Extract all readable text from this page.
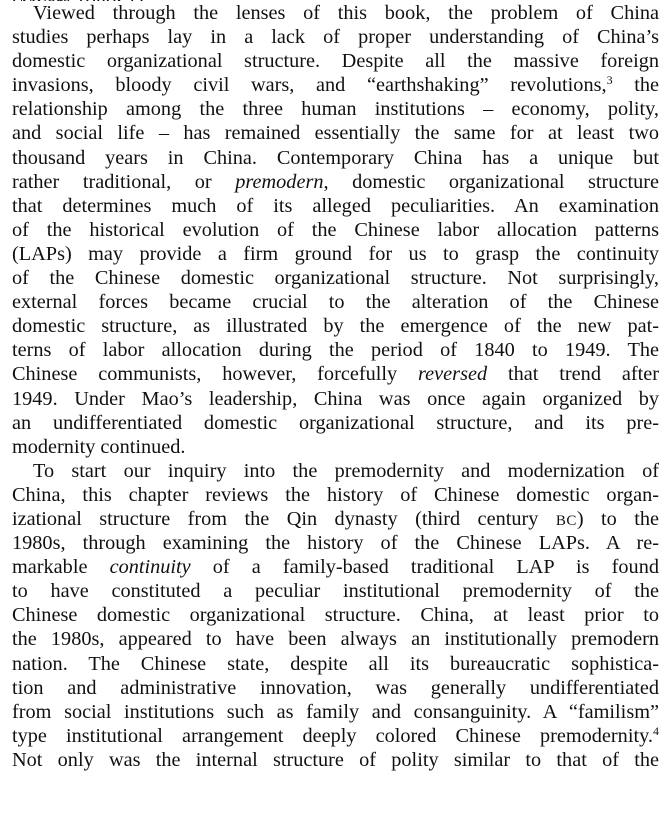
Viewed through the lenses of this book, the problem of China
studies perhaps lay in a lack of proper understanding of China’s
domestic organizational structure. Despite all the massive foreign
invasions, bloody civil wars, and “earthshaking” revolutions,$^3$ the
relationship among the three human institutions – economy, polity,
and social life – has remained essentially the same for at least two
thousand years in China. Contemporary China has a unique but
rather traditional, or premodern, domestic organizational structure
that determines much of its alleged peculiarities. An examination
of the historical evolution of the Chinese labor allocation patterns
(LAPs) may provide a firm ground for us to grasp the continuity
of the Chinese domestic organizational structure. Not surprisingly,
external forces became crucial to the alteration of the Chinese
domestic structure, as illustrated by the emergence of the new pat-
terns of labor allocation during the period of 1840 to 1949. The
Chinese communists, however, forcefully reversed that trend after
1949. Under Mao’s leadership, China was once again organized by
an undifferentiated domestic organizational structure, and its pre-
modernity continued.
To start our inquiry into the premodernity and modernization of
China, this chapter reviews the history of Chinese domestic organ-
izational structure from the Qin dynasty (third century BC) to the
1980s, through examining the history of the Chinese LAPs. A re-
markable continuity of a family-based traditional LAP is found
to have constituted a peculiar institutional premodernity of the
Chinese domestic organizational structure. China, at least prior to
the 1980s, appeared to have been always an institutionally premodern
nation. The Chinese state, despite all its bureaucratic sophistica-
tion and administrative innovation, was generally undifferentiated
from social institutions such as family and consanguinity. A “familism”
type institutional arrangement deeply colored Chinese premodernity.$^4$
Not only was the internal structure of polity similar to that of the
